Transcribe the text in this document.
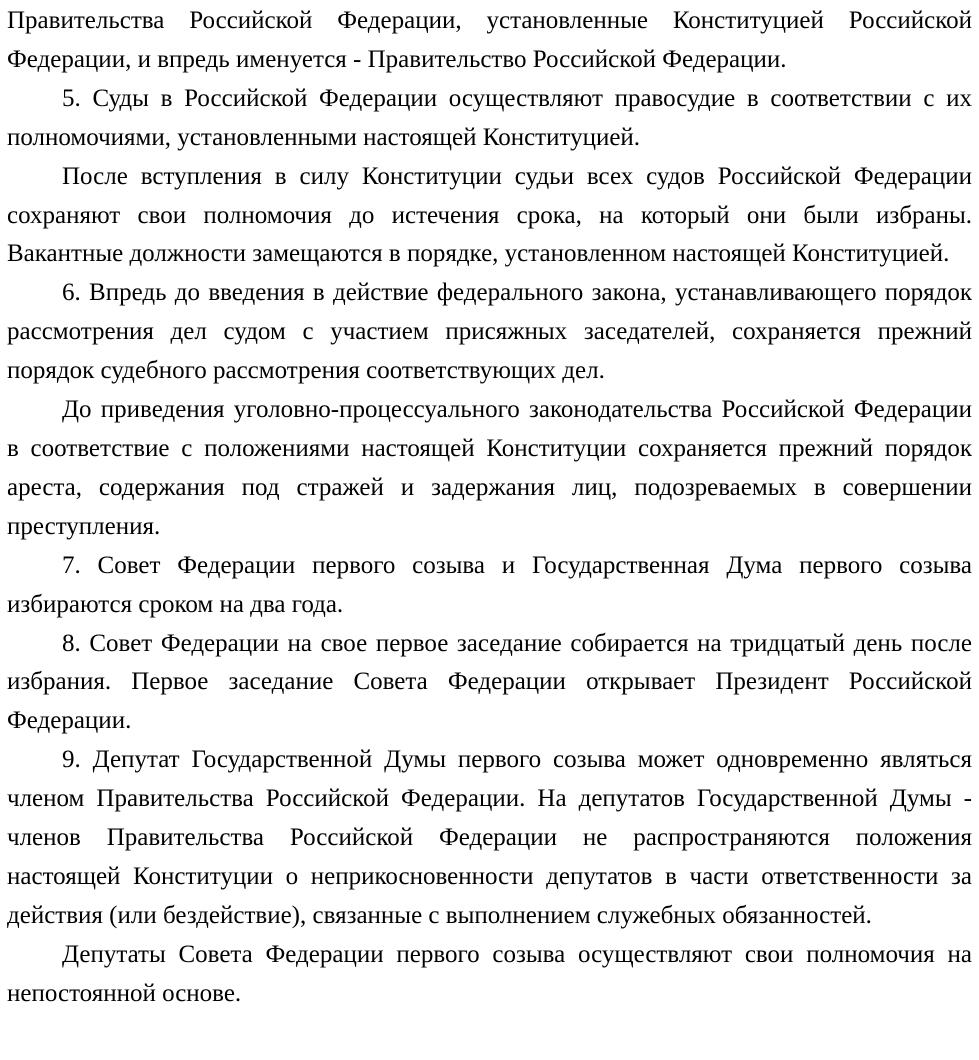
Правительства Российской Федерации, установленные Конституцией Российской Федерации, и впредь именуется - Правительство Российской Федерации.

5. Суды в Российской Федерации осуществляют правосудие в соответствии с их полномочиями, установленными настоящей Конституцией.

После вступления в силу Конституции судьи всех судов Российской Федерации сохраняют свои полномочия до истечения срока, на который они были избраны. Вакантные должности замещаются в порядке, установленном настоящей Конституцией.

6. Впредь до введения в действие федерального закона, устанавливающего порядок рассмотрения дел судом с участием присяжных заседателей, сохраняется прежний порядок судебного рассмотрения соответствующих дел.

До приведения уголовно-процессуального законодательства Российской Федерации в соответствие с положениями настоящей Конституции сохраняется прежний порядок ареста, содержания под стражей и задержания лиц, подозреваемых в совершении преступления.

7. Совет Федерации первого созыва и Государственная Дума первого созыва избираются сроком на два года.

8. Совет Федерации на свое первое заседание собирается на тридцатый день после избрания. Первое заседание Совета Федерации открывает Президент Российской Федерации.

9. Депутат Государственной Думы первого созыва может одновременно являться членом Правительства Российской Федерации. На депутатов Государственной Думы - членов Правительства Российской Федерации не распространяются положения настоящей Конституции о неприкосновенности депутатов в части ответственности за действия (или бездействие), связанные с выполнением служебных обязанностей.

Депутаты Совета Федерации первого созыва осуществляют свои полномочия на непостоянной основе.
